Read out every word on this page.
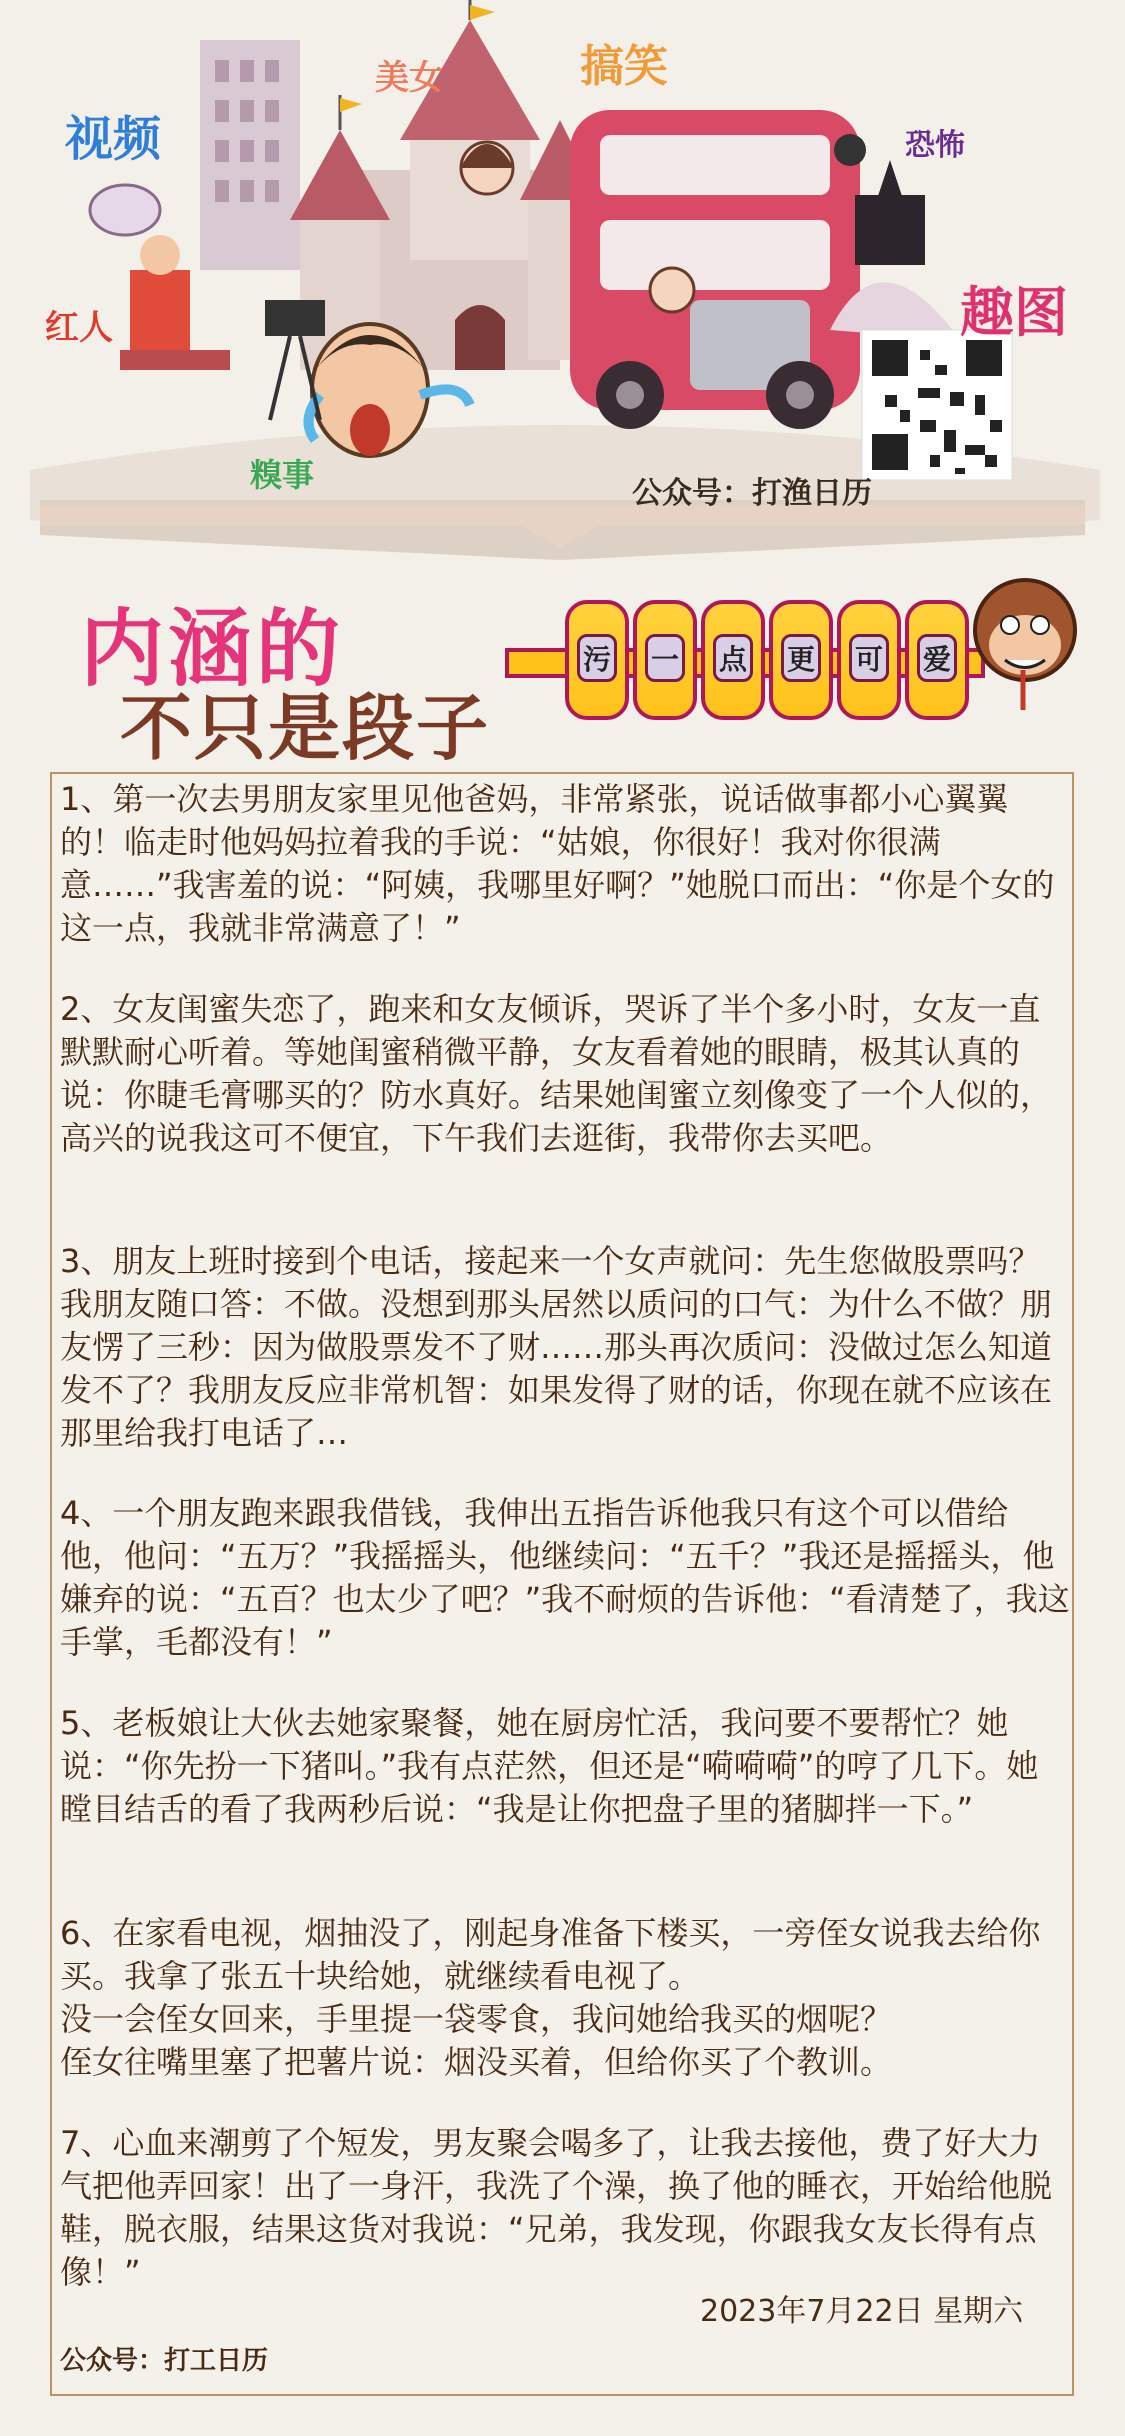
视频
美女	搞笑
恐怖
红人	趣图
糗事	公众号：打渔日历
内涵的
不只是段子
污 一 点 更 可 爱

1、第一次去男朋友家里见他爸妈，非常紧张，说话做事都小心翼翼的！临走时他妈妈拉着我的手说：“姑娘，你很好！我对你很满意……”我害羞的说：“阿姨，我哪里好啊？”她脱口而出：“你是个女的这一点，我就非常满意了！”

2、女友闺蜜失恋了，跑来和女友倾诉，哭诉了半个多小时，女友一直默默耐心听着。等她闺蜜稍微平静，女友看着她的眼睛，极其认真的说：你睫毛膏哪买的？防水真好。结果她闺蜜立刻像变了一个人似的，高兴的说我这可不便宜，下午我们去逛街，我带你去买吧。

3、朋友上班时接到个电话，接起来一个女声就问：先生您做股票吗？我朋友随口答：不做。没想到那头居然以质问的口气：为什么不做？朋友愣了三秒：因为做股票发不了财……那头再次质问：没做过怎么知道发不了？我朋友反应非常机智：如果发得了财的话，你现在就不应该在那里给我打电话了…

4、一个朋友跑来跟我借钱，我伸出五指告诉他我只有这个可以借给他，他问：“五万？”我摇摇头，他继续问：“五千？”我还是摇摇头，他嫌弃的说：“五百？也太少了吧？”我不耐烦的告诉他：“看清楚了，我这手掌，毛都没有！”

5、老板娘让大伙去她家聚餐，她在厨房忙活，我问要不要帮忙？她说：“你先扮一下猪叫。”我有点茫然，但还是“嗬嗬嗬”的哼了几下。她瞠目结舌的看了我两秒后说：“我是让你把盘子里的猪脚拌一下。”

6、在家看电视，烟抽没了，刚起身准备下楼买，一旁侄女说我去给你买。我拿了张五十块给她，就继续看电视了。
没一会侄女回来，手里提一袋零食，我问她给我买的烟呢？
侄女往嘴里塞了把薯片说：烟没买着，但给你买了个教训。

7、心血来潮剪了个短发，男友聚会喝多了，让我去接他，费了好大力气把他弄回家！出了一身汗，我洗了个澡，换了他的睡衣，开始给他脱鞋，脱衣服，结果这货对我说：“兄弟，我发现，你跟我女友长得有点像！”

2023年7月22日 星期六
公众号：打工日历
